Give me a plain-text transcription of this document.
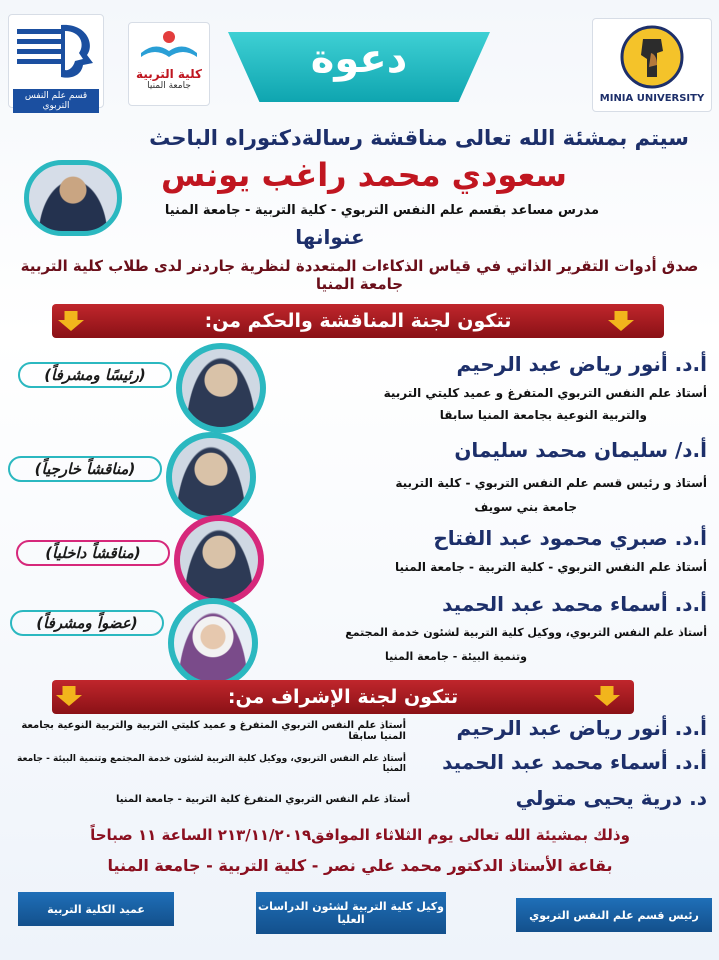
قسم علم النفس التربوي
كلية التربية
جامعة المنيا
دعوة
MINIA UNIVERSITY
سيتم بمشئة الله تعالى مناقشة رسالةدكتوراه الباحث
سعودي محمد راغب يونس
مدرس مساعد بقسم علم النفس التربوي - كلية التربية - جامعة المنيا
عنوانها
صدق أدوات التقرير الذاتي في قياس الذكاءات المتعددة لنظرية جاردنر لدى طلاب كلية التربية جامعة المنيا
تتكون لجنة المناقشة والحكم من:
(رئيسًا ومشرفاً)	أ.د. أنور رياض عبد الرحيم
أستاذ علم النفس التربوي المتفرغ و عميد كليتي التربية
والتربية النوعية بجامعة المنيا سابقا
(مناقشاً خارجياً)
أ.د/ سليمان محمد سليمان
أستاذ و رئيس قسم علم النفس التربوي - كلية التربية
جامعة بني سويف
(مناقشاً داخلياً)
أ.د. صبري محمود عبد الفتاح
أستاذ علم النفس التربوي - كلية التربية - جامعة المنيا
(عضواً ومشرفاً)
أ.د. أسماء محمد عبد الحميد
أستاذ علم النفس التربوي، ووكيل كلية التربية لشئون خدمة المجتمع
وتنمية البيئة - جامعة المنيا
تتكون لجنة الإشراف من:
أ.د. أنور رياض عبد الرحيم
أستاذ علم النفس التربوي المتفرغ و عميد كليتي التربية والتربية النوعية بجامعة المنيا سابقا
أ.د. أسماء محمد عبد الحميد
أستاذ علم النفس التربوي، ووكيل كلية التربية لشئون خدمة المجتمع وتنمية البيئة - جامعة المنيا
د. درية يحيى متولي
أستاذ علم النفس التربوي المتفرغ كلية التربية - جامعة المنيا
وذلك بمشيئة الله تعالى يوم الثلاثاء الموافق٢١٣/١١/٢٠١٩ الساعة ١١ صباحاً
بقاعة الأستاذ الدكتور محمد علي نصر - كلية التربية - جامعة المنيا
عميد الكلية التربية	وكيل كلية التربية لشئون الدراسات العليا	رئيس قسم علم النفس التربوي
